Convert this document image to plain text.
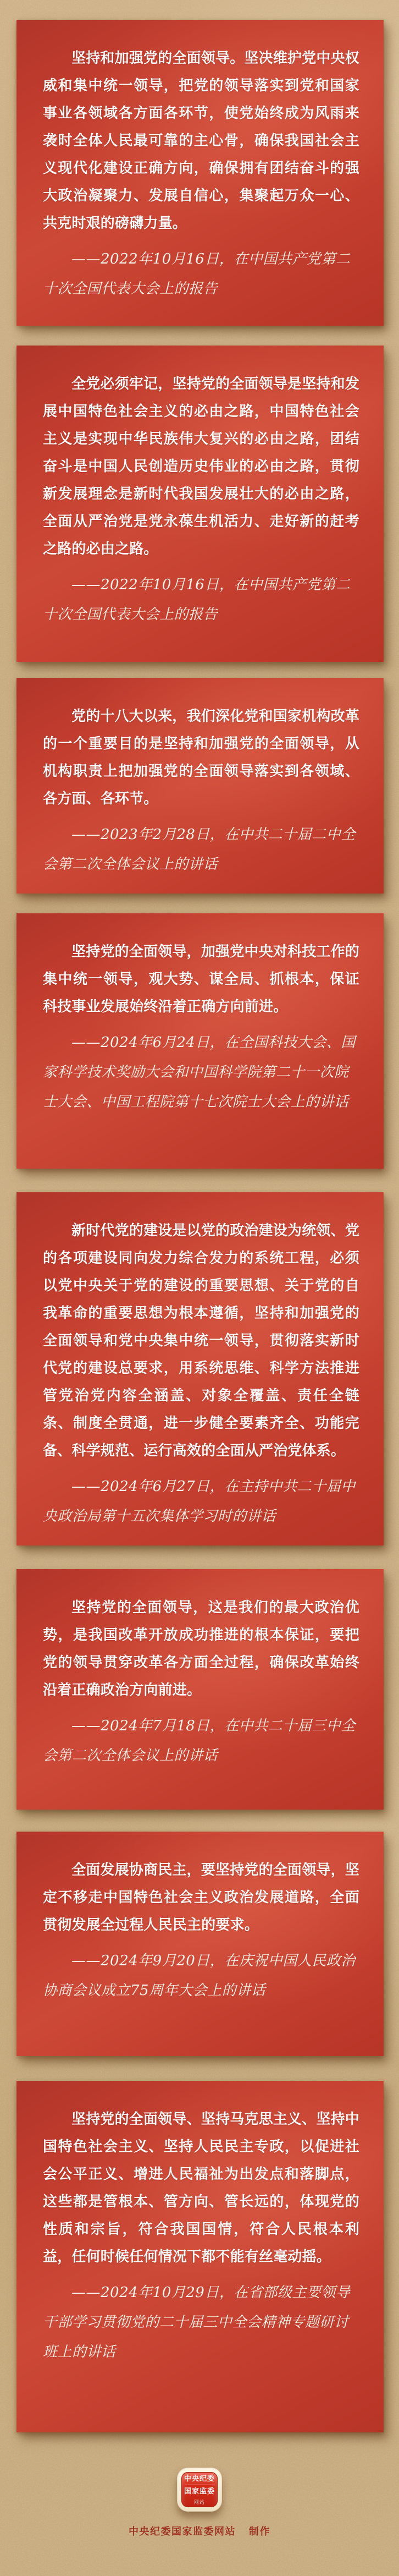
坚持和加强党的全面领导。坚决维护党中央权威和集中统一领导，把党的领导落实到党和国家事业各领域各方面各环节，使党始终成为风雨来袭时全体人民最可靠的主心骨，确保我国社会主义现代化建设正确方向，确保拥有团结奋斗的强大政治凝聚力、发展自信心，集聚起万众一心、共克时艰的磅礴力量。

——2022年10月16日，在中国共产党第二十次全国代表大会上的报告

全党必须牢记，坚持党的全面领导是坚持和发展中国特色社会主义的必由之路，中国特色社会主义是实现中华民族伟大复兴的必由之路，团结奋斗是中国人民创造历史伟业的必由之路，贯彻新发展理念是新时代我国发展壮大的必由之路，全面从严治党是党永葆生机活力、走好新的赶考之路的必由之路。

——2022年10月16日，在中国共产党第二十次全国代表大会上的报告

党的十八大以来，我们深化党和国家机构改革的一个重要目的是坚持和加强党的全面领导，从机构职责上把加强党的全面领导落实到各领域、各方面、各环节。

——2023年2月28日，在中共二十届二中全会第二次全体会议上的讲话

坚持党的全面领导，加强党中央对科技工作的集中统一领导，观大势、谋全局、抓根本，保证科技事业发展始终沿着正确方向前进。

——2024年6月24日，在全国科技大会、国家科学技术奖励大会和中国科学院第二十一次院士大会、中国工程院第十七次院士大会上的讲话

新时代党的建设是以党的政治建设为统领、党的各项建设同向发力综合发力的系统工程，必须以党中央关于党的建设的重要思想、关于党的自我革命的重要思想为根本遵循，坚持和加强党的全面领导和党中央集中统一领导，贯彻落实新时代党的建设总要求，用系统思维、科学方法推进管党治党内容全涵盖、对象全覆盖、责任全链条、制度全贯通，进一步健全要素齐全、功能完备、科学规范、运行高效的全面从严治党体系。

——2024年6月27日，在主持中共二十届中央政治局第十五次集体学习时的讲话

坚持党的全面领导，这是我们的最大政治优势，是我国改革开放成功推进的根本保证，要把党的领导贯穿改革各方面全过程，确保改革始终沿着正确政治方向前进。

——2024年7月18日，在中共二十届三中全会第二次全体会议上的讲话

全面发展协商民主，要坚持党的全面领导，坚定不移走中国特色社会主义政治发展道路，全面贯彻发展全过程人民民主的要求。

——2024年9月20日，在庆祝中国人民政治协商会议成立75周年大会上的讲话

坚持党的全面领导、坚持马克思主义、坚持中国特色社会主义、坚持人民民主专政，以促进社会公平正义、增进人民福祉为出发点和落脚点，这些都是管根本、管方向、管长远的，体现党的性质和宗旨，符合我国国情，符合人民根本利益，任何时候任何情况下都不能有丝毫动摇。

——2024年10月29日，在省部级主要领导干部学习贯彻党的二十届三中全会精神专题研讨班上的讲话

中央纪委
国家监委
网站
中央纪委国家监委网站 制作
